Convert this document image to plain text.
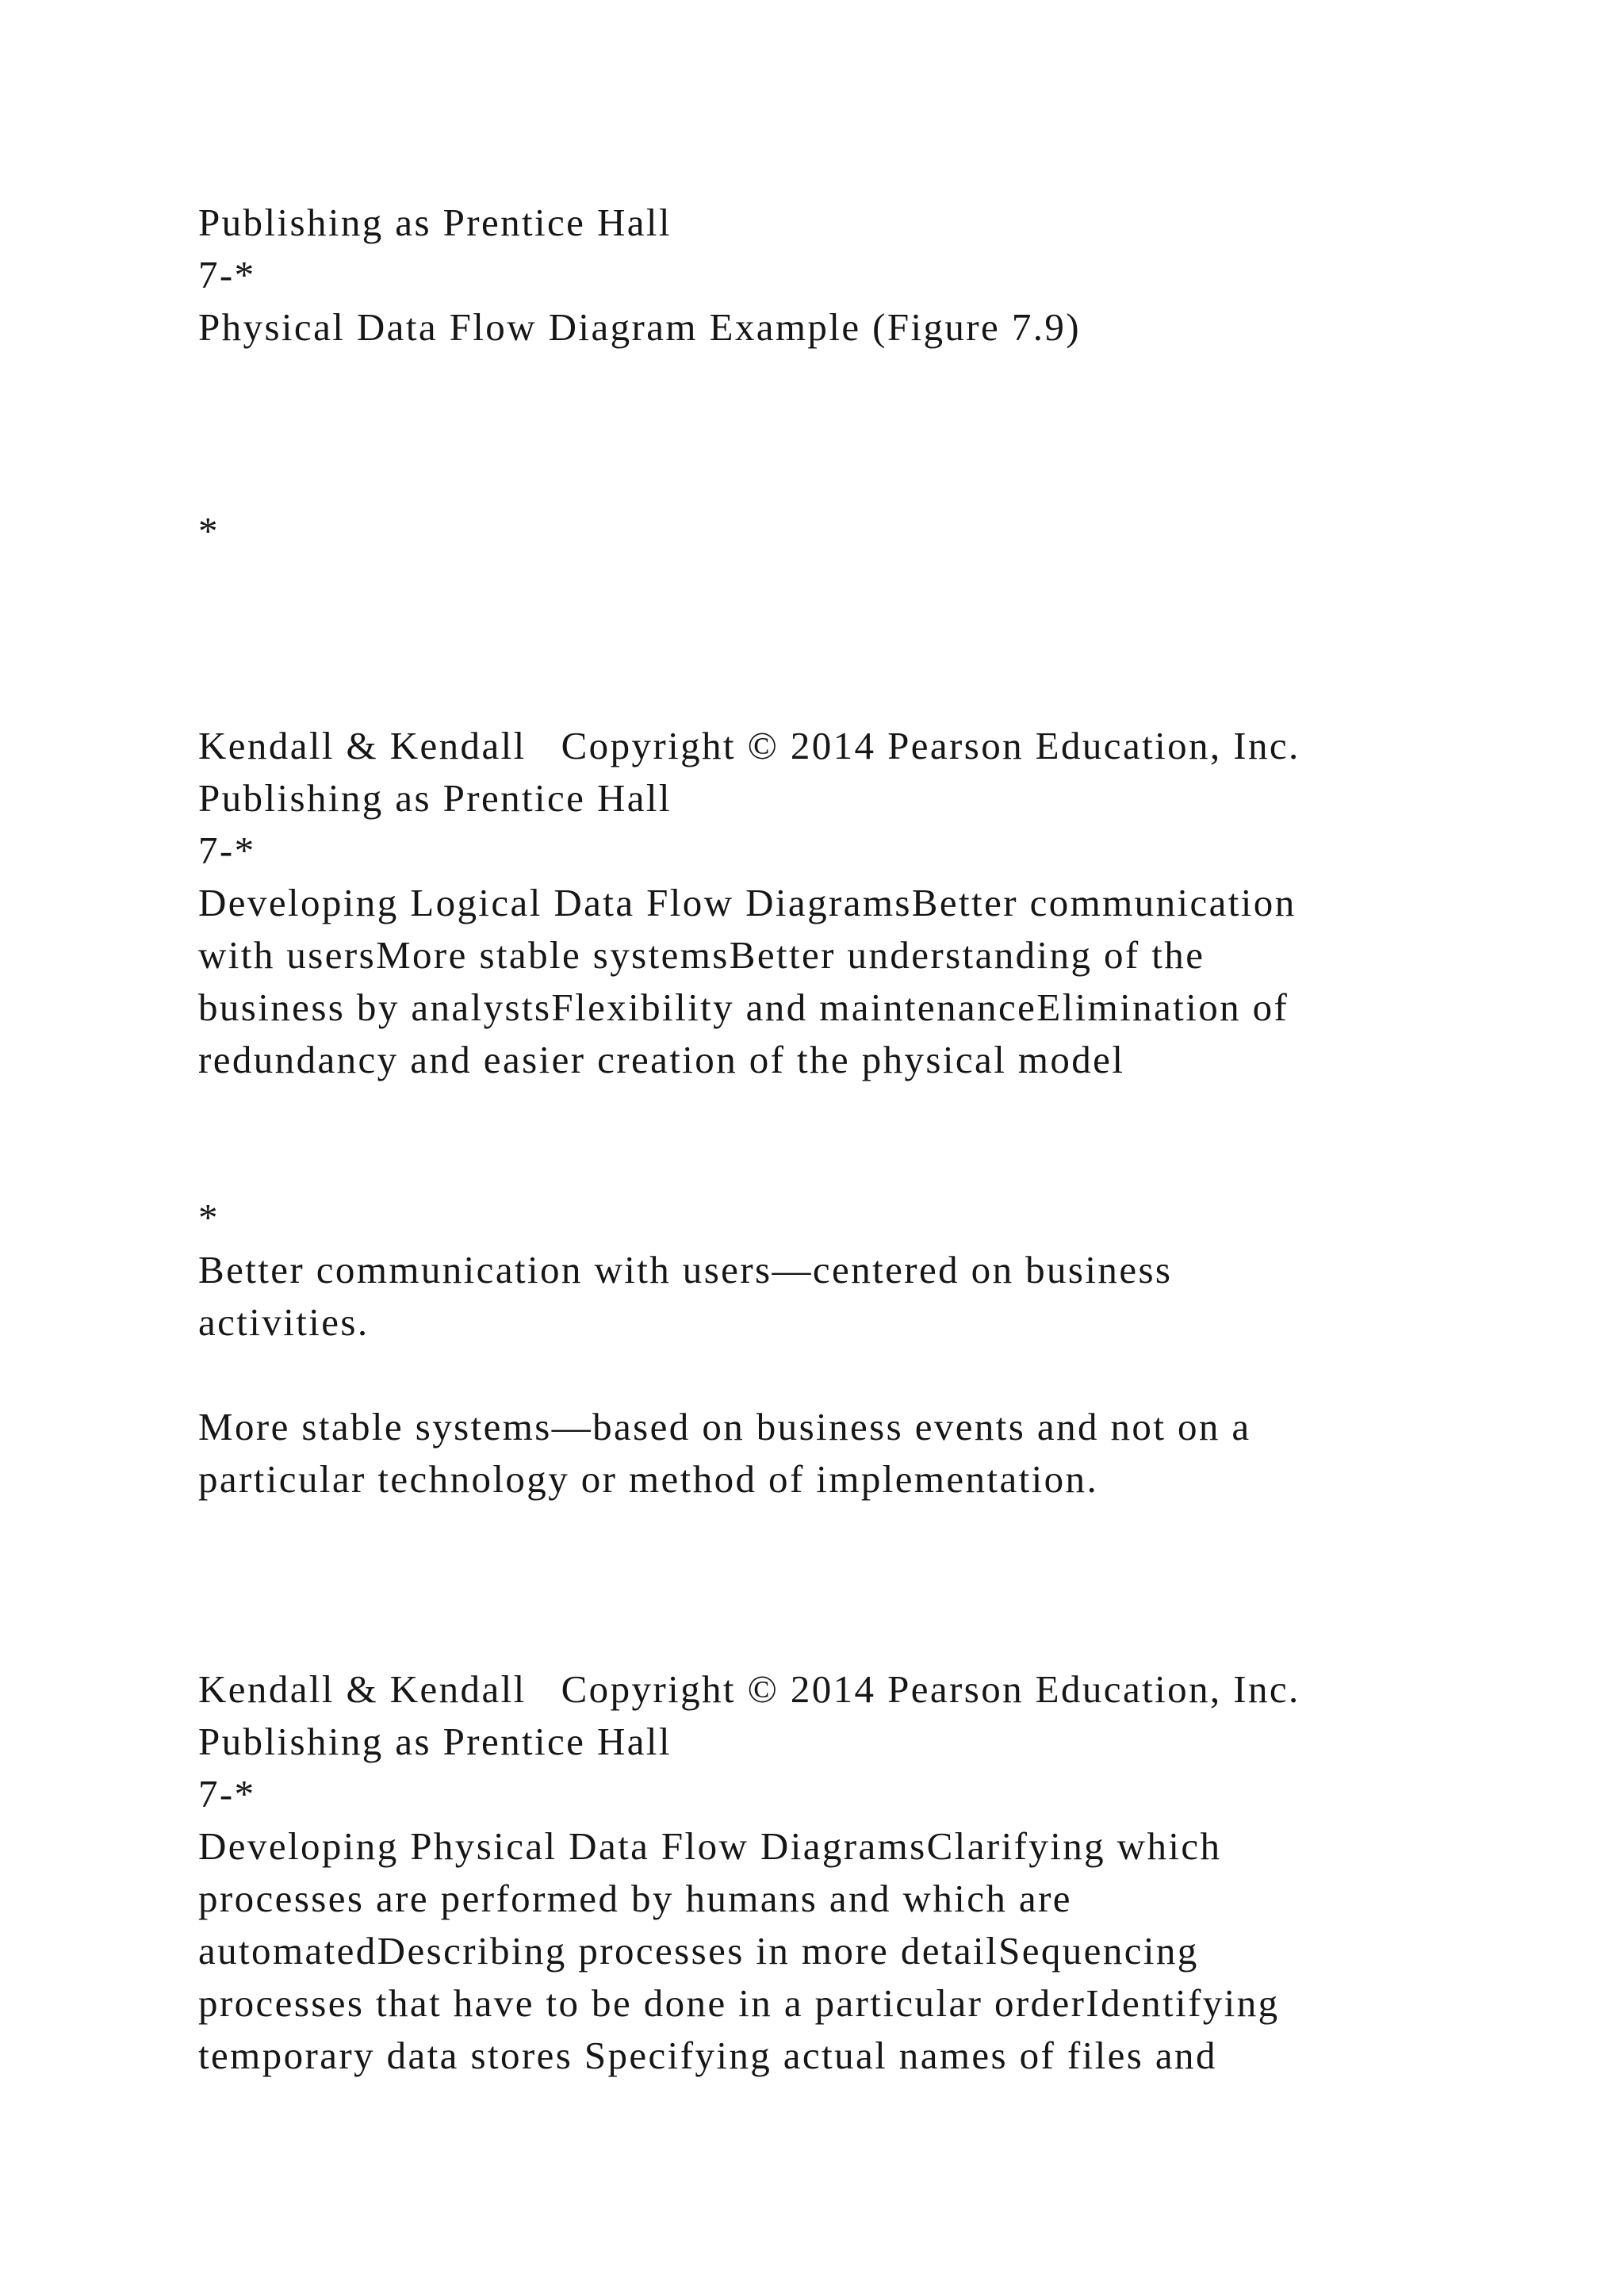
Publishing as Prentice Hall

7-*

Physical Data Flow Diagram Example (Figure 7.9)

*

Kendall & Kendall   Copyright © 2014 Pearson Education, Inc.

Publishing as Prentice Hall

7-*

Developing Logical Data Flow DiagramsBetter communication

with usersMore stable systemsBetter understanding of the

business by analystsFlexibility and maintenanceElimination of

redundancy and easier creation of the physical model

*

Better communication with users—centered on business

activities.

More stable systems—based on business events and not on a

particular technology or method of implementation.

Kendall & Kendall   Copyright © 2014 Pearson Education, Inc.

Publishing as Prentice Hall

7-*

Developing Physical Data Flow DiagramsClarifying which

processes are performed by humans and which are

automatedDescribing processes in more detailSequencing

processes that have to be done in a particular orderIdentifying

temporary data stores Specifying actual names of files and
